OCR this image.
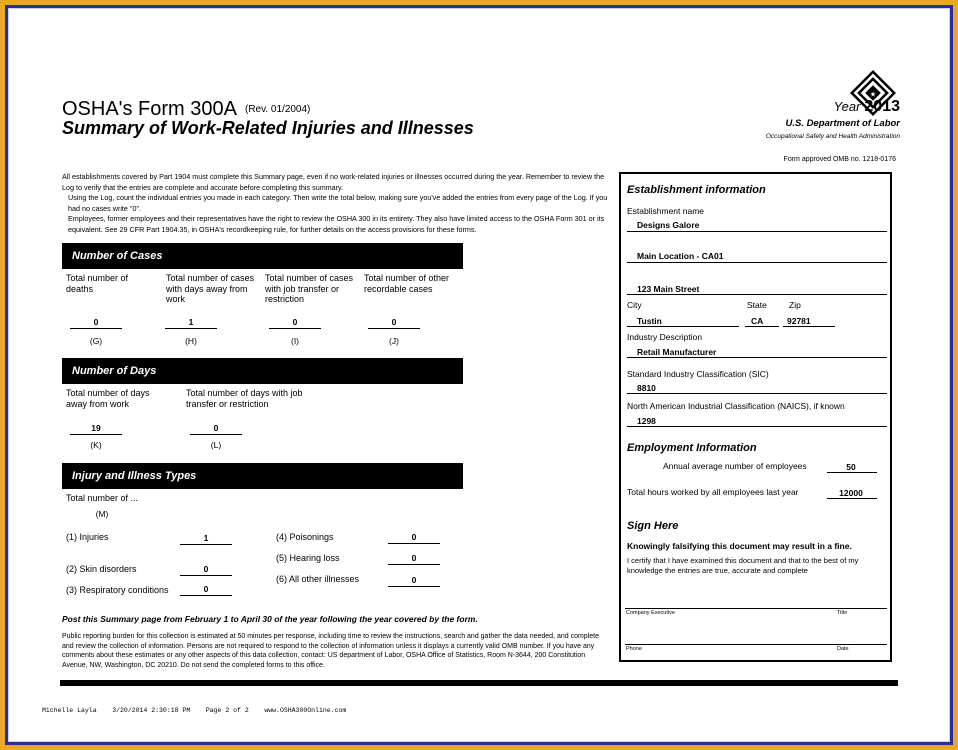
OSHA's Form 300A (Rev. 01/2004)
Summary of Work-Related Injuries and Illnesses
★
Year 2013
U.S. Department of Labor
Occupational Safety and Health Administration
Form approved OMB no. 1218-0176

All establishments covered by Part 1904 must complete this Summary page, even if no work-related injuries or illnesses occurred during the year. Remember to review the Log to verify that the entries are complete and accurate before completing this summary.

Using the Log, count the individual entries you made in each category. Then write the total below, making sure you've added the entries from every page of the Log. If you had no cases write "0".

Employees, former employees and their representatives have the right to review the OSHA 300 in its entirety. They also have limited access to the OSHA Form 301 or its equivalent. See 29 CFR Part 1904.35, in OSHA's recordkeeping rule, for further details on the access provisions for these forms.

Number of Cases
Total number of deaths
Total number of cases with days away from work
Total number of cases with job transfer or restriction
Total number of other recordable cases
0	1	0	0
(G)	(H)	(I)	(J)
Number of Days
Total number of days away from work
Total number of days with job transfer or restriction
19	0
(K)	(L)
Injury and Illness Types
Total number of ...
(M)
(1) Injuries	1
(2) Skin disorders	0
(3) Respiratory conditions	0
(4) Poisonings	0
(5) Hearing loss	0
(6) All other illnesses	0
Post this Summary page from February 1 to April 30 of the year following the year covered by the form.
Public reporting burden for this collection is estimated at 50 minutes per response, including time to review the instructions, search and gather the data needed, and complete and review the collection of information. Persons are not required to respond to the collection of information unless it displays a currently valid OMB number. If you have any comments about these estimates or any other aspects of this data collection, contact: US department of Labor, OSHA Office of Statistics, Room N-3644, 200 Constitution Avenue, NW, Washington, DC 20210. Do not send the completed forms to this office.
Michelle Layla    3/20/2014 2:30:18 PM    Page 2 of 2    www.OSHA300Online.com
Establishment information
Establishment name
Designs Galore
Main Location - CA01
123 Main Street
City	State	Zip
Tustin	CA	92781
Industry Description
Retail Manufacturer
Standard Industry Classification (SIC)
8810
North American Industrial Classification (NAICS), if known
1298
Employment Information
Annual average number of employees	50
Total hours worked by all employees last year	12000
Sign Here
Knowingly falsifying this document may result in a fine.
I certify that I have examined this document and that to the best of my knowledge the entries are true, accurate and complete
Company Executive	Title
Phone	Date
